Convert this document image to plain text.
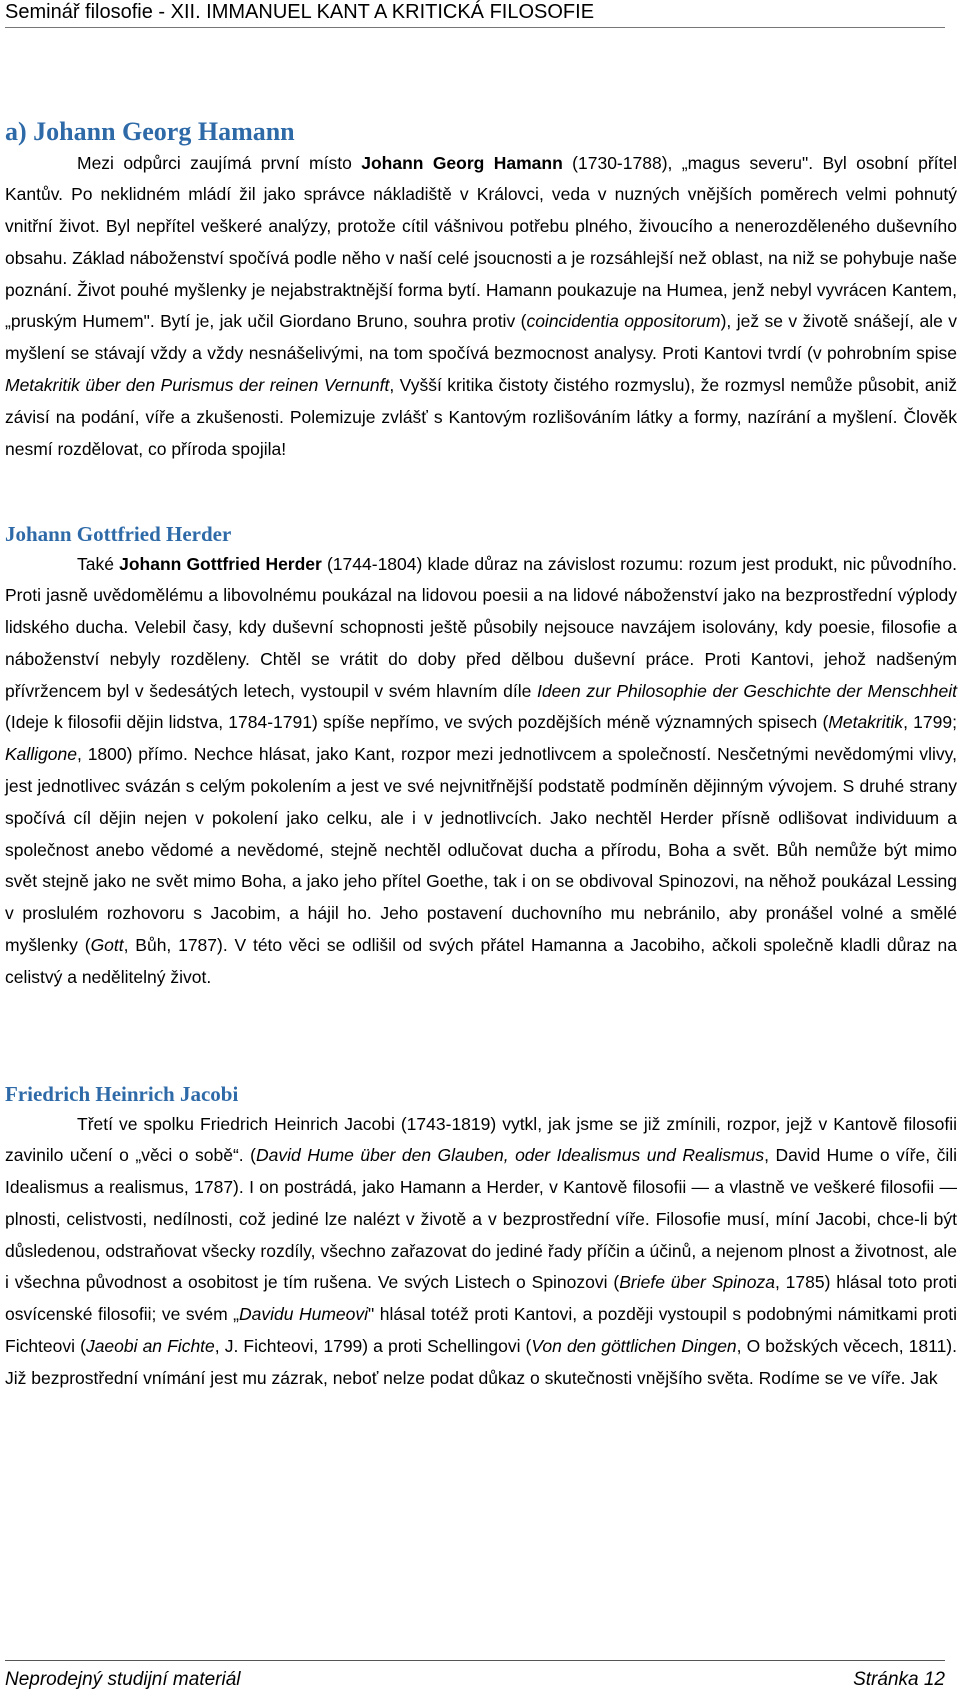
Seminář filosofie - XII. IMMANUEL KANT A KRITICKÁ FILOSOFIE
a) Johann Georg Hamann

Mezi odpůrci zaujímá první místo Johann Georg Hamann (1730-1788), „magus severu". Byl osobní přítel Kantův. Po neklidném mládí žil jako správce nákladiště v Královci, veda v nuzných vnějších poměrech velmi pohnutý vnitřní život. Byl nepřítel veškeré analýzy, protože cítil vášnivou potřebu plného, živoucího a nenerozděleného duševního obsahu. Základ náboženství spočívá podle něho v naší celé jsoucnosti a je rozsáhlejší než oblast, na niž se pohybuje naše poznání. Život pouhé myšlenky je nejabstraktnější forma bytí. Hamann poukazuje na Humea, jenž nebyl vyvrácen Kantem, „pruským Humem". Bytí je, jak učil Giordano Bruno, souhra protiv (coincidentia oppositorum), jež se v životě snášejí, ale v myšlení se stávají vždy a vždy nesnášelivými, na tom spočívá bezmocnost analysy. Proti Kantovi tvrdí (v pohrobním spise Metakritik über den Purismus der reinen Vernunft, Vyšší kritika čistoty čistého rozmyslu), že rozmysl nemůže působit, aniž závisí na podání, víře a zkušenosti. Polemizuje zvlášť s Kantovým rozlišováním látky a formy, nazírání a myšlení. Člověk nesmí rozdělovat, co příroda spojila!

Johann Gottfried Herder

Také Johann Gottfried Herder (1744-1804) klade důraz na závislost rozumu: rozum jest produkt, nic původního. Proti jasně uvědomělému a libovolnému poukázal na lidovou poesii a na lidové náboženství jako na bezprostřední výplody lidského ducha. Velebil časy, kdy duševní schopnosti ještě působily nejsouce navzájem isolovány, kdy poesie, filosofie a náboženství nebyly rozděleny. Chtěl se vrátit do doby před dělbou duševní práce. Proti Kantovi, jehož nadšeným přívržencem byl v šedesátých letech, vystoupil v svém hlavním díle Ideen zur Philosophie der Geschichte der Menschheit (Ideje k filosofii dějin lidstva, 1784-1791) spíše nepřímo, ve svých pozdějších méně významných spisech (Metakritik, 1799; Kalligone, 1800) přímo. Nechce hlásat, jako Kant, rozpor mezi jednotlivcem a společností. Nesčetnými nevědomými vlivy, jest jednotlivec svázán s celým pokolením a jest ve své nejvnitřnější podstatě podmíněn dějinným vývojem. S druhé strany spočívá cíl dějin nejen v pokolení jako celku, ale i v jednotlivcích. Jako nechtěl Herder přísně odlišovat individuum a společnost anebo vědomé a nevědomé, stejně nechtěl odlučovat ducha a přírodu, Boha a svět. Bůh nemůže být mimo svět stejně jako ne svět mimo Boha, a jako jeho přítel Goethe, tak i on se obdivoval Spinozovi, na něhož poukázal Lessing v proslulém rozhovoru s Jacobim, a hájil ho. Jeho postavení duchovního mu nebránilo, aby pronášel volné a smělé myšlenky (Gott, Bůh, 1787). V této věci se odlišil od svých přátel Hamanna a Jacobiho, ačkoli společně kladli důraz na celistvý a nedělitelný život.

Friedrich Heinrich Jacobi

Třetí ve spolku Friedrich Heinrich Jacobi (1743-1819) vytkl, jak jsme se již zmínili, rozpor, jejž v Kantově filosofii zavinilo učení o „věci o sobě“. (David Hume über den Glauben, oder Idealismus und Realismus, David Hume o víře, čili Idealismus a realismus, 1787). I on postrádá, jako Hamann a Herder, v Kantově filosofii — a vlastně ve veškeré filosofii — plnosti, celistvosti, nedílnosti, což jediné lze nalézt v životě a v bezprostřední víře. Filosofie musí, míní Jacobi, chce-li být důsledenou, odstraňovat všecky rozdíly, všechno zařazovat do jediné řady příčin a účinů, a nejenom plnost a životnost, ale i všechna původnost a osobitost je tím rušena. Ve svých Listech o Spinozovi (Briefe über Spinoza, 1785) hlásal toto proti osvícenské filosofii; ve svém „Davidu Humeovi" hlásal totéž proti Kantovi, a později vystoupil s podobnými námitkami proti Fichteovi (Jaeobi an Fichte, J. Fichteovi, 1799) a proti Schellingovi (Von den göttlichen Dingen, O božských věcech, 1811). Již bezprostřední vnímání jest mu zázrak, neboť nelze podat důkaz o skutečnosti vnějšího světa. Rodíme se ve víře. Jak

Neprodejný studijní materiál	Stránka 12
